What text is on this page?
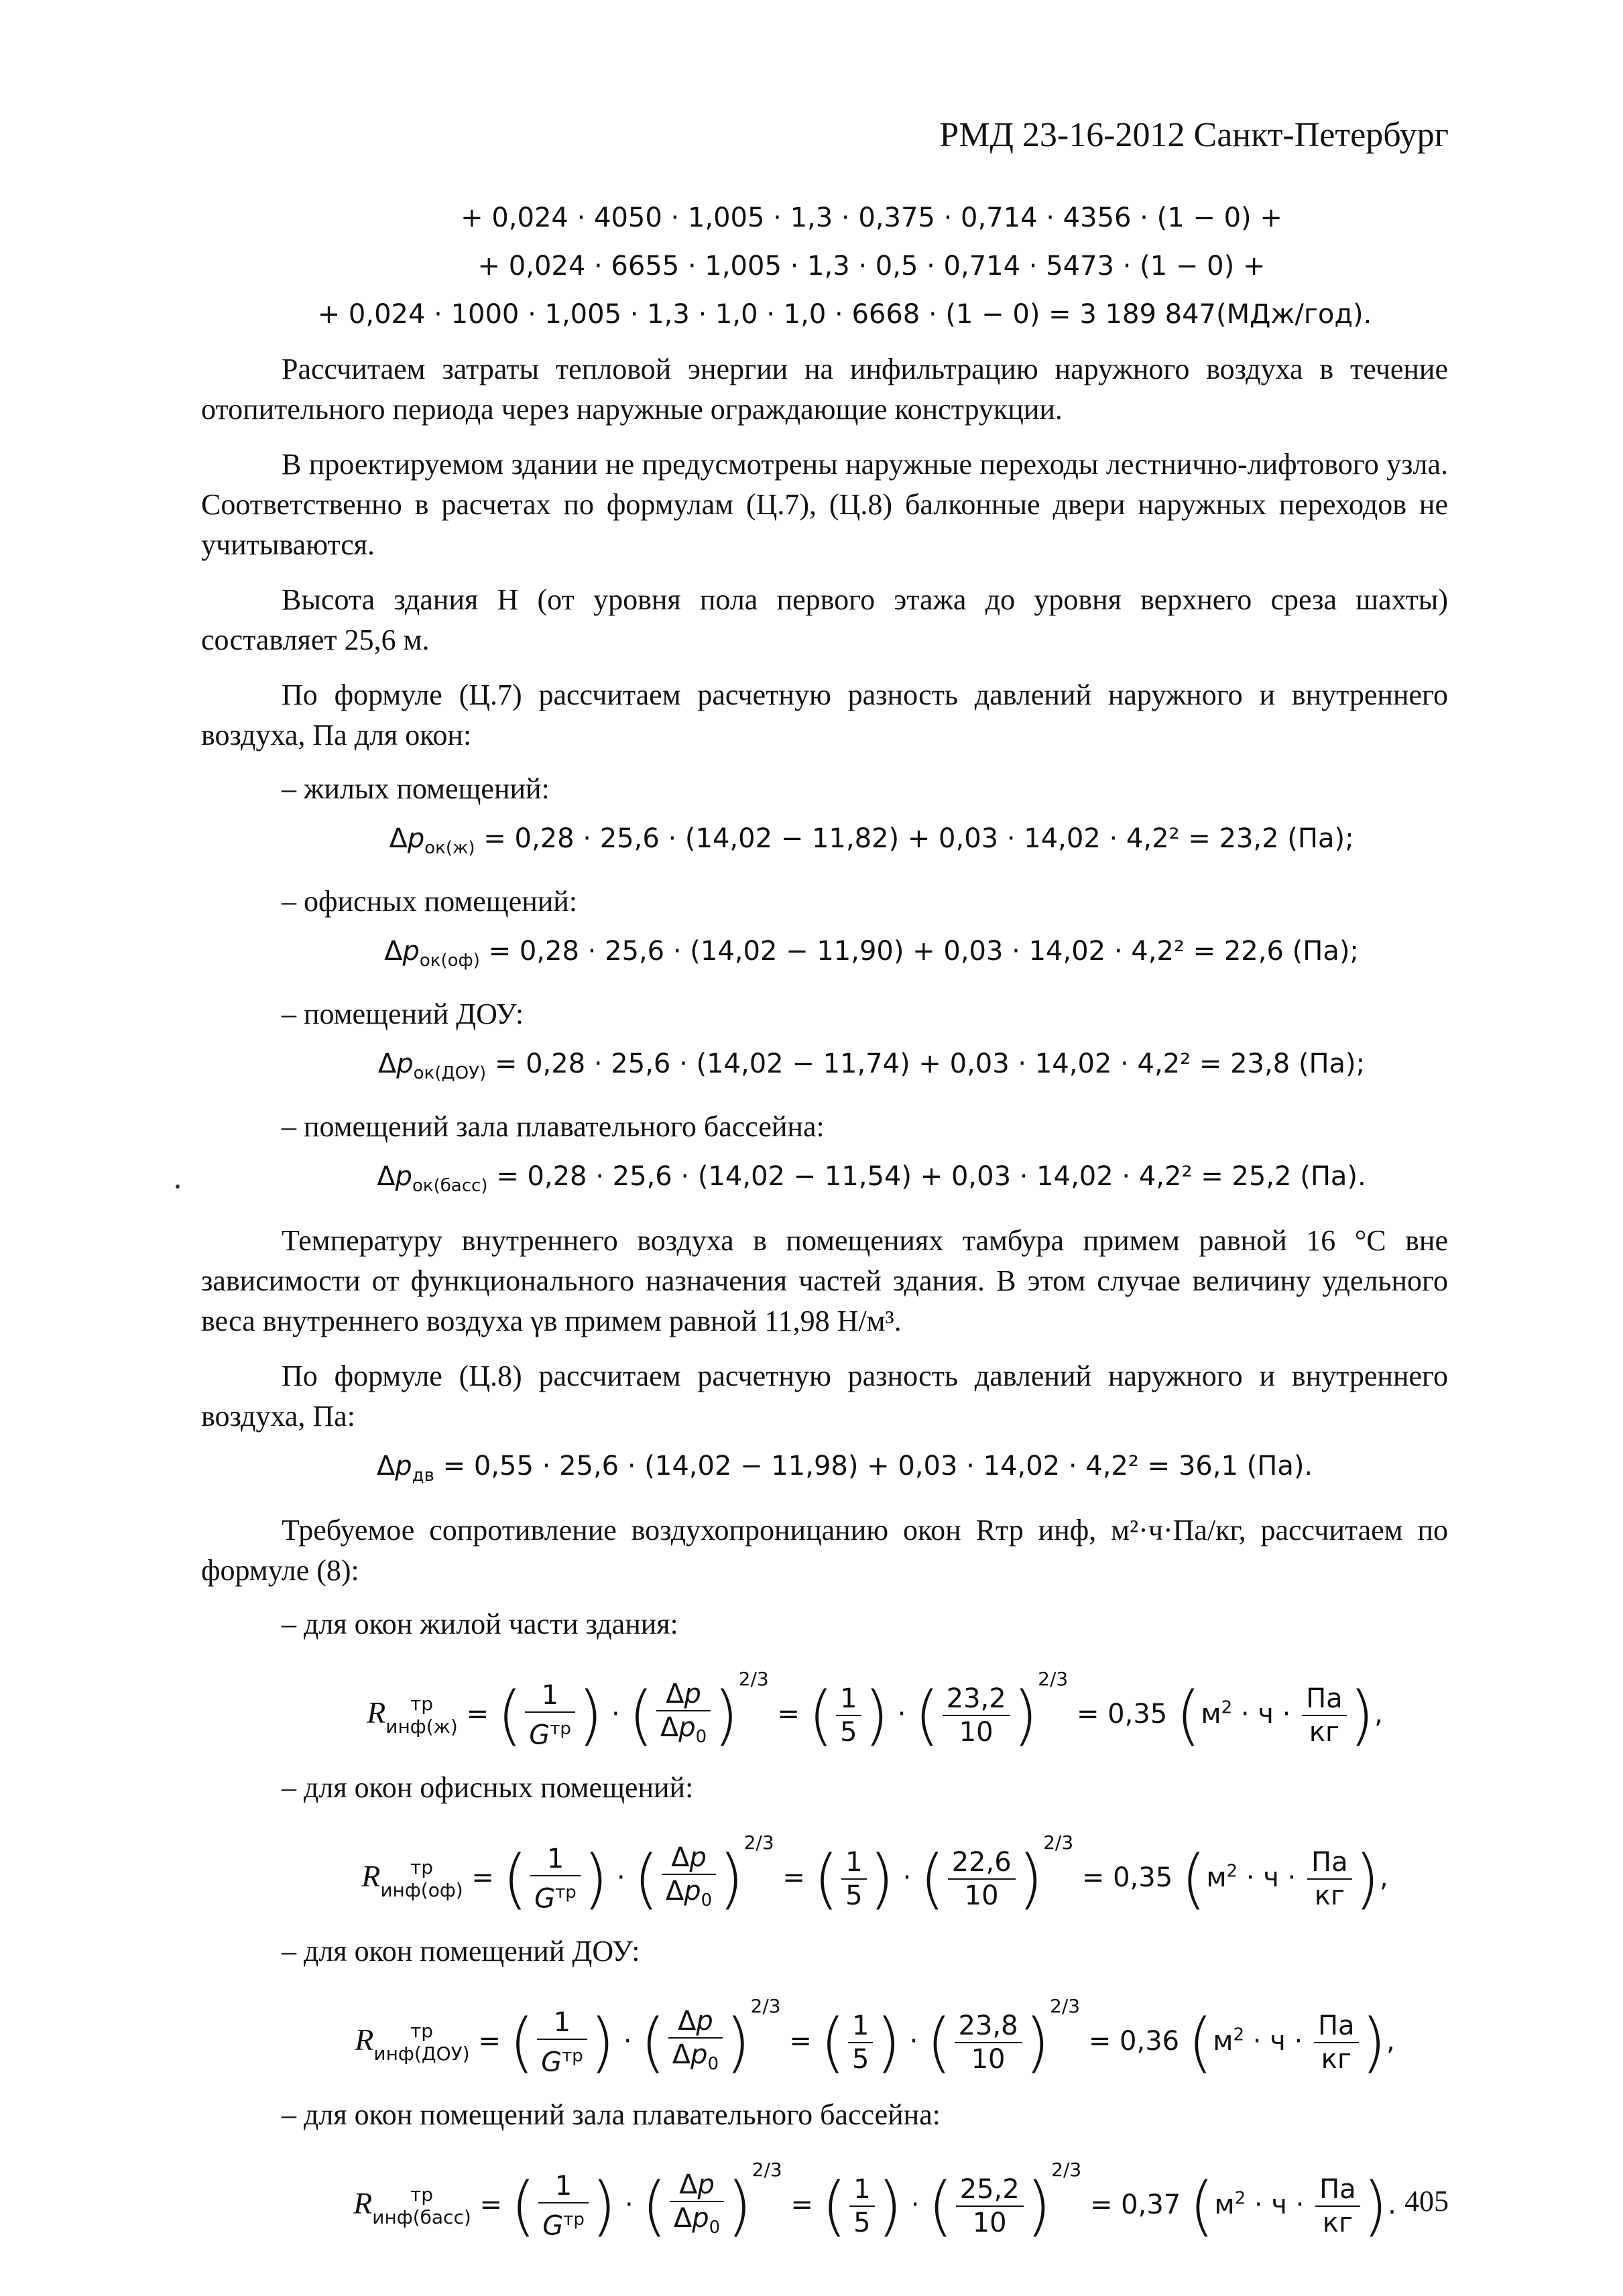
РМД 23-16-2012 Санкт-Петербург
+ 0,024 · 4050 · 1,005 · 1,3 · 0,375 · 0,714 · 4356 · (1 − 0) +
+ 0,024 · 6655 · 1,005 · 1,3 · 0,5 · 0,714 · 5473 · (1 − 0) +
+ 0,024 · 1000 · 1,005 · 1,3 · 1,0 · 1,0 · 6668 · (1 − 0) = 3 189 847(МДж/год).

Рассчитаем затраты тепловой энергии на инфильтрацию наружного воздуха в течение отопительного периода через наружные ограждающие конструкции.

В проектируемом здании не предусмотрены наружные переходы лестнично-лифтового узла. Соответственно в расчетах по формулам (Ц.7), (Ц.8) балконные двери наружных переходов не учитываются.

Высота здания H (от уровня пола первого этажа до уровня верхнего среза шахты) составляет 25,6 м.

По формуле (Ц.7) рассчитаем расчетную разность давлений наружного и внутреннего воздуха, Па для окон:

– жилых помещений:
$\Delta p_{ок(ж)} = 0,28 \cdot 25,6 \cdot (14,02 - 11,82) + 0,03 \cdot 14,02 \cdot 4,2^2 = 23,2$ (Па);
– офисных помещений:
$\Delta p_{ок(оф)} = 0,28 \cdot 25,6 \cdot (14,02 - 11,90) + 0,03 \cdot 14,02 \cdot 4,2^2 = 22,6$ (Па);
– помещений ДОУ:
$\Delta p_{ок(ДОУ)} = 0,28 \cdot 25,6 \cdot (14,02 - 11,74) + 0,03 \cdot 14,02 \cdot 4,2^2 = 23,8$ (Па);
– помещений зала плавательного бассейна:
$\Delta p_{ок(басс)} = 0,28 \cdot 25,6 \cdot (14,02 - 11,54) + 0,03 \cdot 14,02 \cdot 4,2^2 = 25,2$ (Па).

Температуру внутреннего воздуха в помещениях тамбура примем равной 16 °С вне зависимости от функционального назначения частей здания. В этом случае величину удельного веса внутреннего воздуха γв примем равной 11,98 Н/м³.

По формуле (Ц.8) рассчитаем расчетную разность давлений наружного и внутреннего воздуха, Па:

$\Delta p_{дв} = 0,55 \cdot 25,6 \cdot (14,02 - 11,98) + 0,03 \cdot 14,02 \cdot 4,2^2 = 36,1$ (Па).

Требуемое сопротивление воздухопроницанию окон Rтр инф, м²·ч·Па/кг, рассчитаем по формуле (8):

– для окон жилой части здания:
R	тр
инф(ж) = ( $\frac{1}{G^{тр}}$ ) · ( $\frac{\Delta p}{\Delta p_0} )2/3$ = ( $\frac{1}{5}$ ) · ( $\frac{23,2}{10} )2/3 = 0,35$ ($м^2 \cdot ч \cdot \frac{Па}{кг}$ ),
– для окон офисных помещений:
R	тр
инф(оф) = ( $\frac{1}{G^{тр}}$ ) · ( $\frac{\Delta p}{\Delta p_0} )2/3$ = ( $\frac{1}{5}$ ) · ( $\frac{22,6}{10} )2/3 = 0,35$ ($м^2 \cdot ч \cdot \frac{Па}{кг}$ ),
– для окон помещений ДОУ:
R	тр
инф(ДОУ) = ( $\frac{1}{G^{тр}}$ ) · ( $\frac{\Delta p}{\Delta p_0} )2/3$ = ( $\frac{1}{5}$ ) · ( $\frac{23,8}{10} )2/3 = 0,36$ ($м^2 \cdot ч \cdot \frac{Па}{кг}$ ),
– для окон помещений зала плавательного бассейна:
R	тр
инф(басс) = ( $\frac{1}{G^{тр}}$ ) · ( $\frac{\Delta p}{\Delta p_0} )2/3$ = ( $\frac{1}{5}$ ) · ( $\frac{25,2}{10} )2/3 = 0,37$ ($м^2 \cdot ч \cdot \frac{Па}{кг}$ ). 405
